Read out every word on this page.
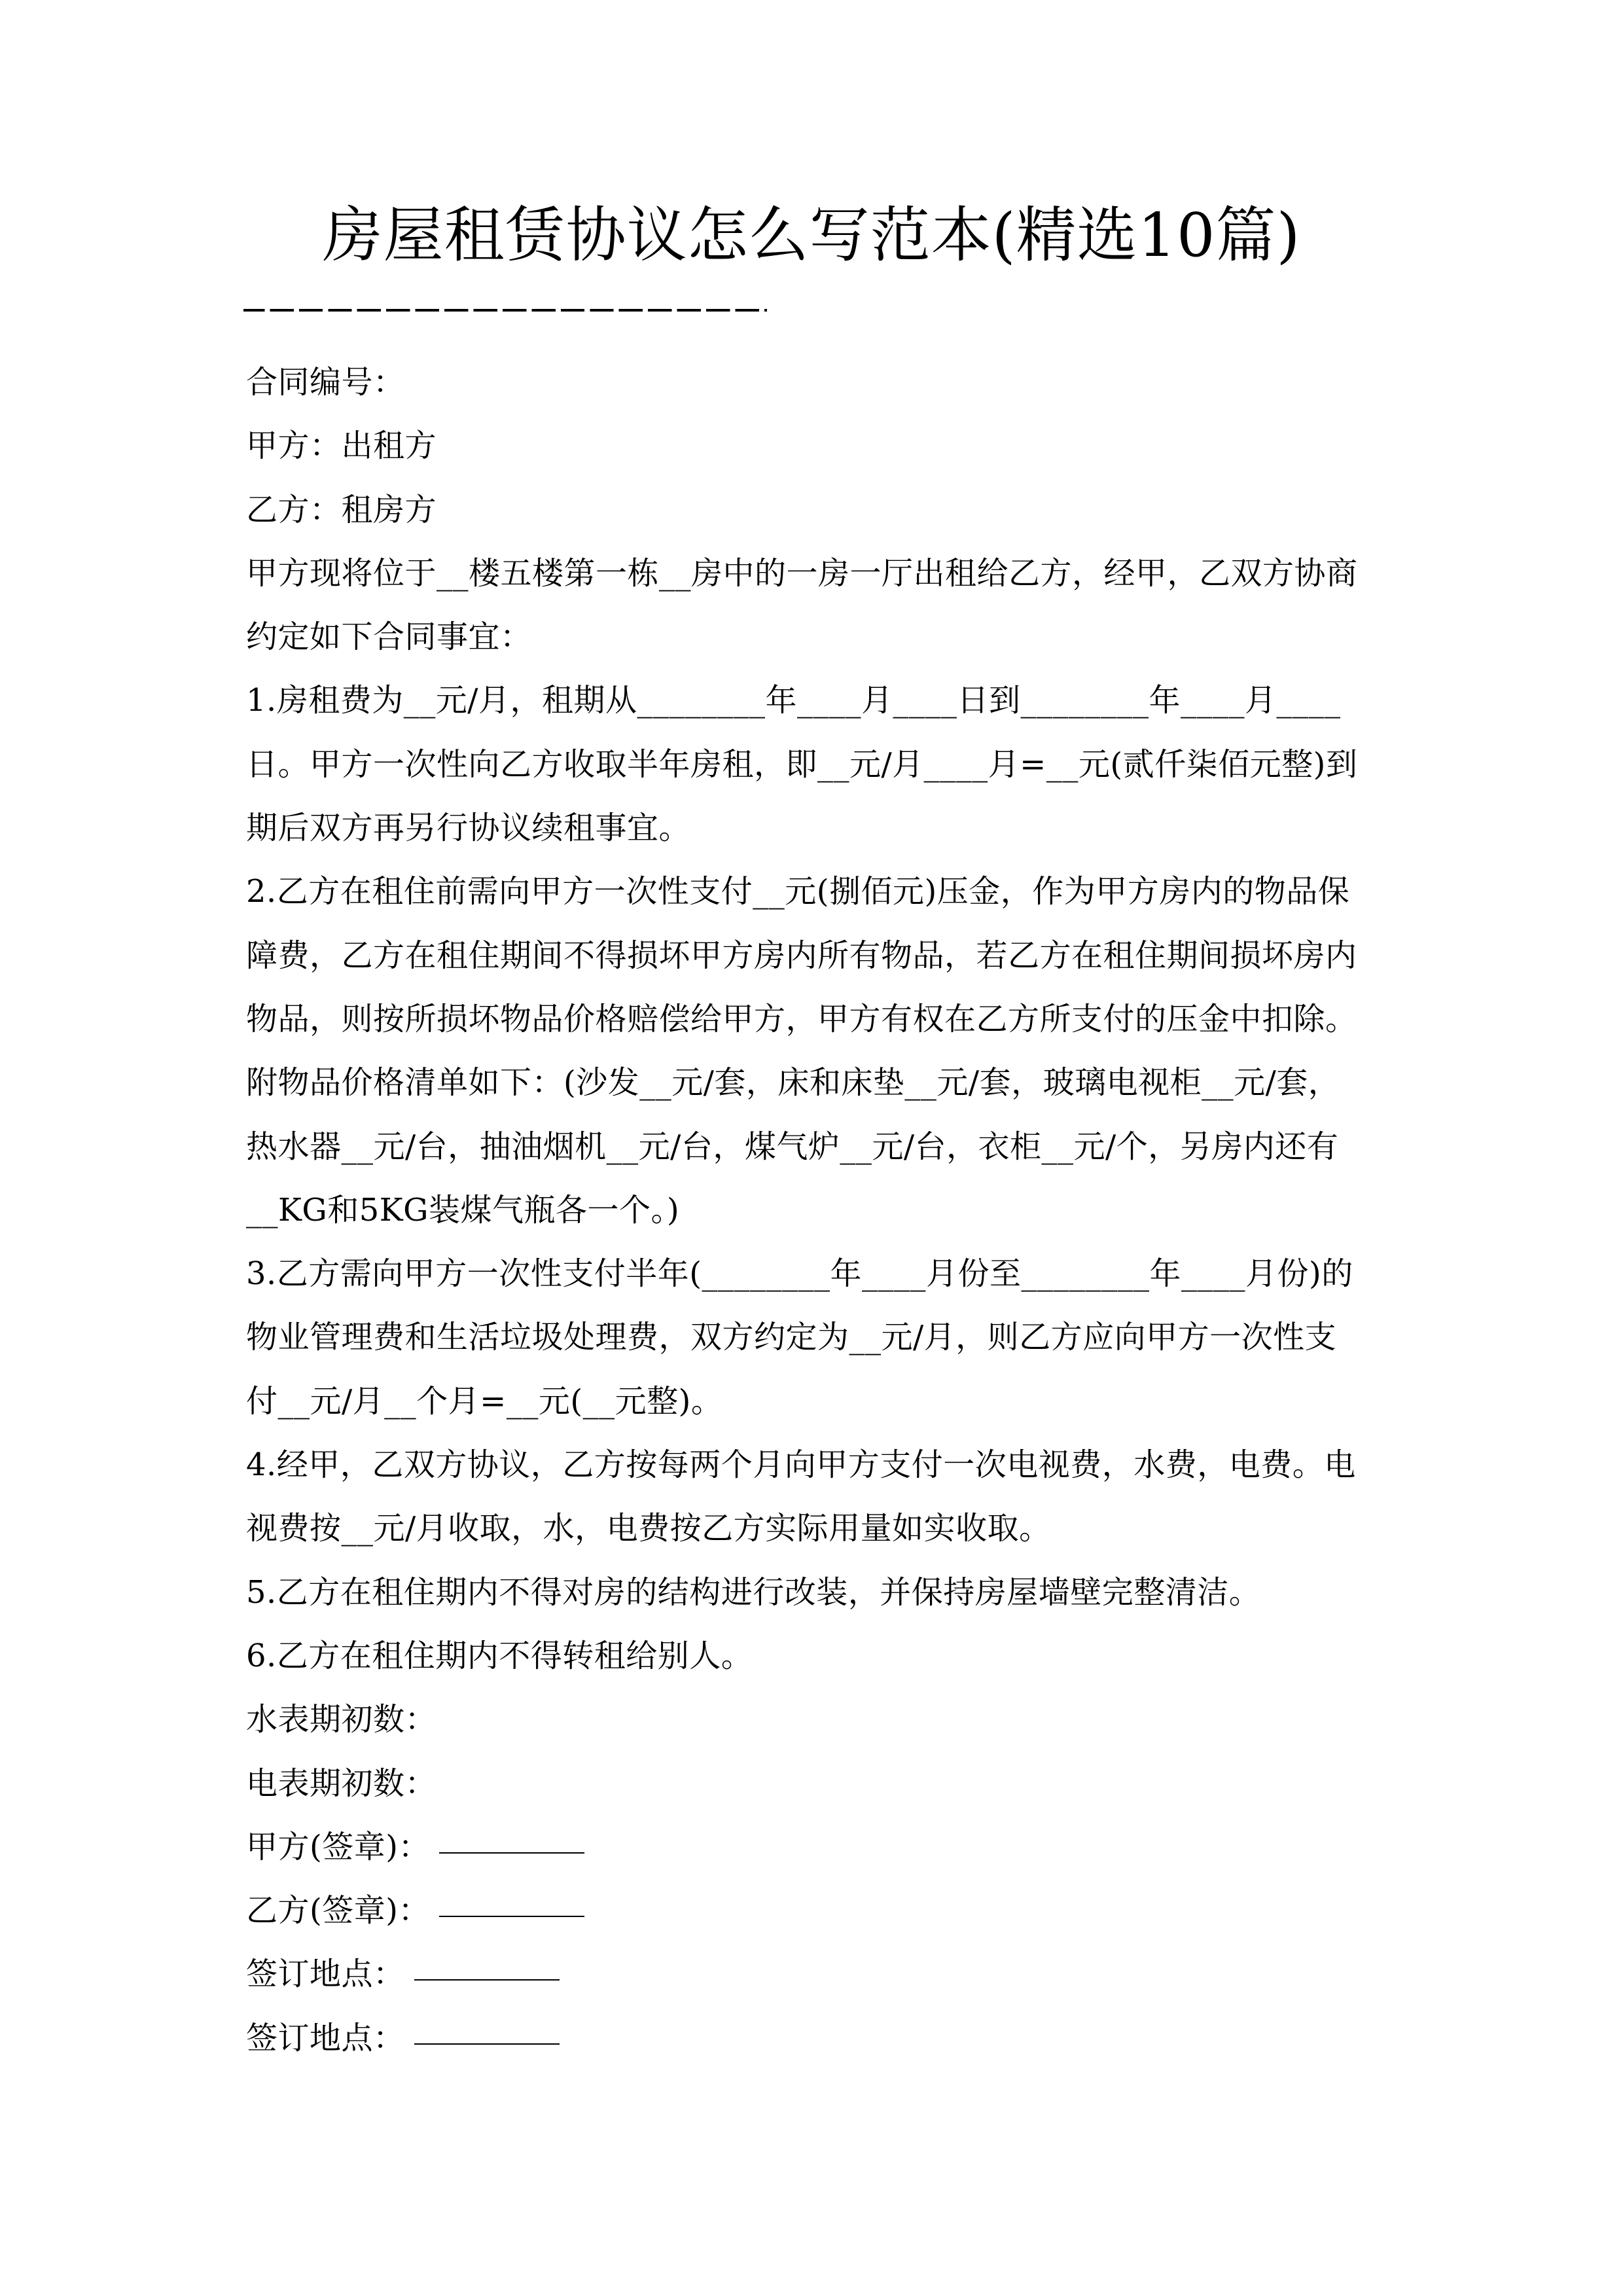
房屋租赁协议怎么写范本(精选10篇)
合同编号：
甲方：出租方
乙方：租房方
甲方现将位于__楼五楼第一栋__房中的一房一厅出租给乙方，经甲，乙双方协商
约定如下合同事宜：
1.房租费为__元/月，租期从________年____月____日到________年____月____
日。甲方一次性向乙方收取半年房租，即__元/月____月=__元(贰仟柒佰元整)到
期后双方再另行协议续租事宜。
2.乙方在租住前需向甲方一次性支付__元(捌佰元)压金，作为甲方房内的物品保
障费，乙方在租住期间不得损坏甲方房内所有物品，若乙方在租住期间损坏房内
物品，则按所损坏物品价格赔偿给甲方，甲方有权在乙方所支付的压金中扣除。
附物品价格清单如下：(沙发__元/套，床和床垫__元/套，玻璃电视柜__元/套，
热水器__元/台，抽油烟机__元/台，煤气炉__元/台，衣柜__元/个，另房内还有
__KG和5KG装煤气瓶各一个。)
3.乙方需向甲方一次性支付半年(________年____月份至________年____月份)的
物业管理费和生活垃圾处理费，双方约定为__元/月，则乙方应向甲方一次性支
付__元/月__个月=__元(__元整)。
4.经甲，乙双方协议，乙方按每两个月向甲方支付一次电视费，水费，电费。电
视费按__元/月收取，水，电费按乙方实际用量如实收取。
5.乙方在租住期内不得对房的结构进行改装，并保持房屋墙壁完整清洁。
6.乙方在租住期内不得转租给别人。
水表期初数：
电表期初数：
甲方(签章)：
乙方(签章)：
签订地点：
签订地点：
